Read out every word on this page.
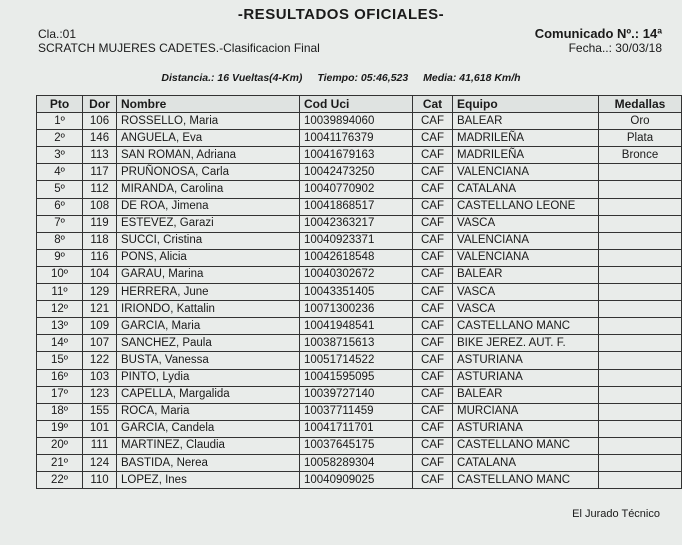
-RESULTADOS OFICIALES-
Cla.:01
SCRATCH MUJERES CADETES.-Clasificacion Final
Comunicado Nº.: 14ª
Fecha..: 30/03/18
Distancia.: 16 Vueltas(4-Km) Tiempo: 05:46,523 Media: 41,618 Km/h
Pto	Dor	Nombre	Cod Uci	Cat	Equipo	Medallas
1º	106	ROSSELLO, Maria	10039894060	CAF	BALEAR	Oro
2º	146	ANGUELA, Eva	10041176379	CAF	MADRILEÑA	Plata
3º	113	SAN ROMAN, Adriana	10041679163	CAF	MADRILEÑA	Bronce
4º	117	PRUÑONOSA, Carla	10042473250	CAF	VALENCIANA	
5º	112	MIRANDA, Carolina	10040770902	CAF	CATALANA	
6º	108	DE ROA, Jimena	10041868517	CAF	CASTELLANO LEONE	
7º	119	ESTEVEZ, Garazi	10042363217	CAF	VASCA	
8º	118	SUCCI, Cristina	10040923371	CAF	VALENCIANA	
9º	116	PONS, Alicia	10042618548	CAF	VALENCIANA	
10º	104	GARAU, Marina	10040302672	CAF	BALEAR	
11º	129	HERRERA, June	10043351405	CAF	VASCA	
12º	121	IRIONDO, Kattalin	10071300236	CAF	VASCA	
13º	109	GARCIA, Maria	10041948541	CAF	CASTELLANO MANC	
14º	107	SANCHEZ, Paula	10038715613	CAF	BIKE JEREZ. AUT. F.	
15º	122	BUSTA, Vanessa	10051714522	CAF	ASTURIANA	
16º	103	PINTO, Lydia	10041595095	CAF	ASTURIANA	
17º	123	CAPELLA, Margalida	10039727140	CAF	BALEAR	
18º	155	ROCA, Maria	10037711459	CAF	MURCIANA	
19º	101	GARCIA, Candela	10041711701	CAF	ASTURIANA	
20º	111	MARTINEZ, Claudia	10037645175	CAF	CASTELLANO MANC	
21º	124	BASTIDA, Nerea	10058289304	CAF	CATALANA	
22º	110	LOPEZ, Ines	10040909025	CAF	CASTELLANO MANC	
El Jurado Técnico
